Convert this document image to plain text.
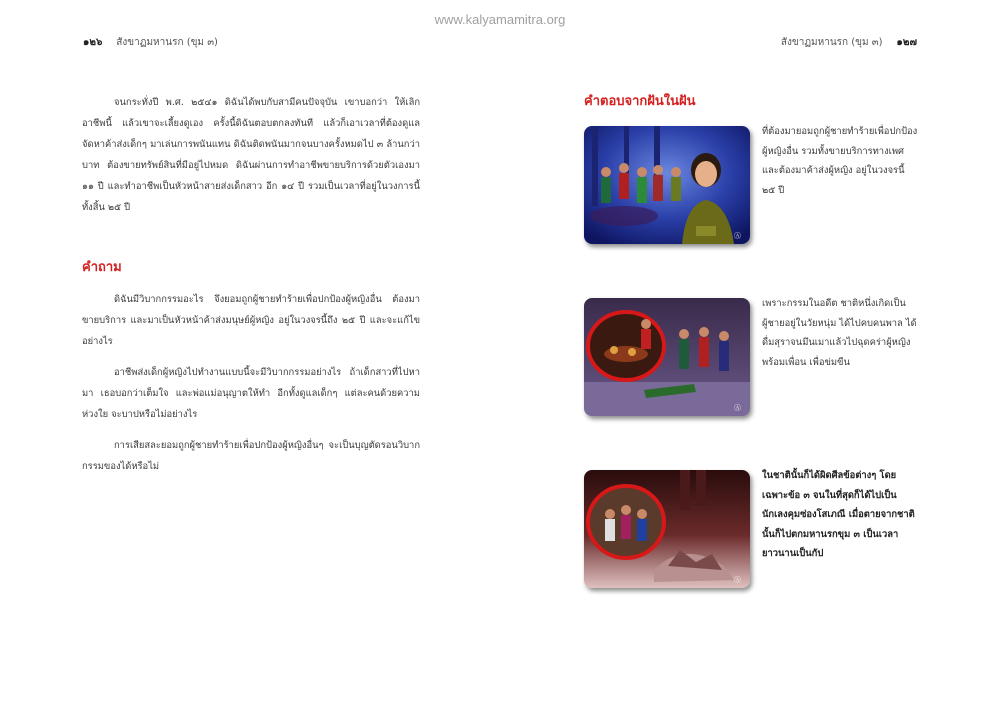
www.kalyamamitra.org
๑๒๖ สังขาฏมหานรก (ขุม ๓)	สังขาฏมหานรก (ขุม ๓) ๑๒๗

จนกระทั่งปี พ.ศ. ๒๕๔๑ ดิฉันได้พบกับสามีคนปัจจุบัน เขาบอกว่า ให้เลิกอาชีพนี้ แล้วเขาจะเลี้ยงดูเอง ครั้งนี้ดิฉันตอบตกลงทันที แล้วก็เอาเวลาที่ต้องดูแลจัดหาค้าส่งเด็กๆ มาเล่นการพนันแทน ดิฉันติดพนันมากจนบางครั้งหมดไป ๓ ล้านกว่าบาท ต้องขายทรัพย์สินที่มีอยู่ไปหมด ดิฉันผ่านการทำอาชีพขายบริการด้วยตัวเองมา ๑๑ ปี และทำอาชีพเป็นหัวหน้าสายส่งเด็กสาว อีก ๑๔ ปี รวมเป็นเวลาที่อยู่ในวงการนี้ทั้งสิ้น ๒๕ ปี

คำถาม

ดิฉันมีวิบากกรรมอะไร จึงยอมถูกผู้ชายทำร้ายเพื่อปกป้องผู้หญิงอื่น ต้องมาขายบริการ และมาเป็นหัวหน้าค้าส่งมนุษย์ผู้หญิง อยู่ในวงจรนี้ถึง ๒๕ ปี และจะแก้ไขอย่างไร

อาชีพส่งเด็กผู้หญิงไปทำงานแบบนี้จะมีวิบากกรรมอย่างไร ถ้าเด็กสาวที่ไปหามา เธอบอกว่าเต็มใจ และพ่อแม่อนุญาตให้ทำ อีกทั้งดูแลเด็กๆ แต่ละคนด้วยความห่วงใย จะบาปหรือไม่อย่างไร

การเสียสละยอมถูกผู้ชายทำร้ายเพื่อปกป้องผู้หญิงอื่นๆ จะเป็นบุญตัดรอนวิบากกรรมของได้หรือไม่

คำตอบจากฝันในฝัน
Ⓐ
ที่ต้องมายอมถูกผู้ชายทำร้ายเพื่อปกป้องผู้หญิงอื่น รวมทั้งขายบริการทางเพศ และต้องมาค้าส่งผู้หญิง อยู่ในวงจรนี้ ๒๕ ปี
Ⓐ
เพราะกรรมในอดีต ชาติหนึ่งเกิดเป็นผู้ชายอยู่ในวัยหนุ่ม ได้ไปคบคนพาล ได้ดื่มสุราจนมึนเมาแล้วไปฉุดคร่าผู้หญิงพร้อมเพื่อน เพื่อข่มขืน
Ⓐ
ในชาตินั้นก็ได้ผิดศีลข้อต่างๆ โดยเฉพาะข้อ ๓ จนในที่สุดก็ได้ไปเป็นนักเลงคุมซ่องโสเภณี เมื่อตายจากชาตินั้นก็ไปตกมหานรกขุม ๓ เป็นเวลายาวนานเป็นกัป
